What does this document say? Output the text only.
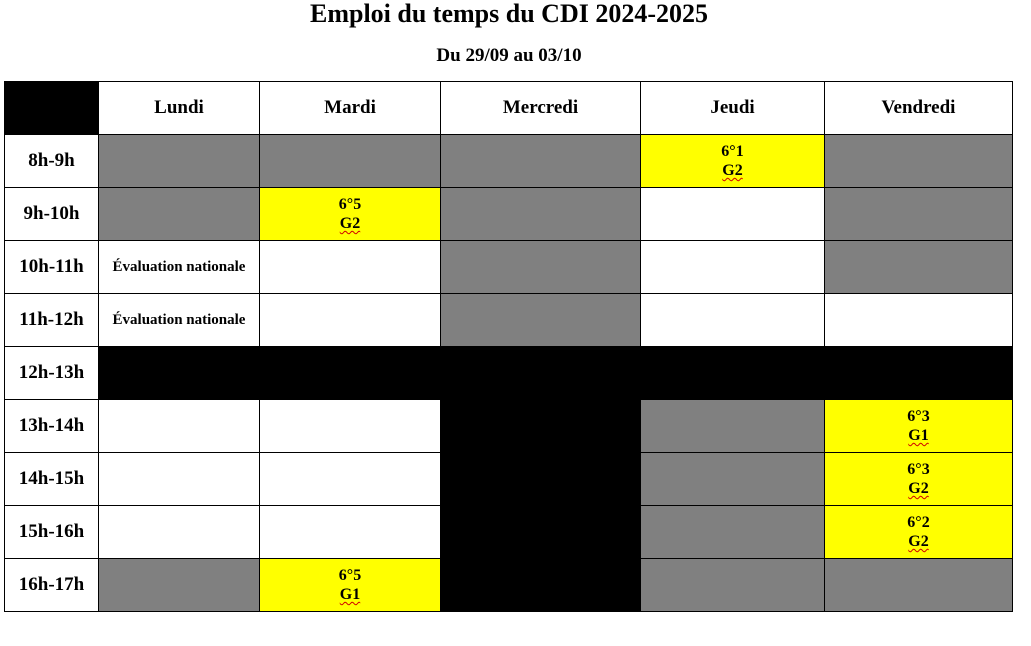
Emploi du temps du CDI 2024-2025
Du 29/09 au 03/10
	Lundi	Mardi	Mercredi	Jeudi	Vendredi
8h-9h				6°1
G2	
9h-10h		6°5
G2			
10h-11h	Évaluation nationale				
11h-12h	Évaluation nationale				
12h-13h					
13h-14h					6°3
G1
14h-15h					6°3
G2
15h-16h					6°2
G2
16h-17h		6°5
G1			
